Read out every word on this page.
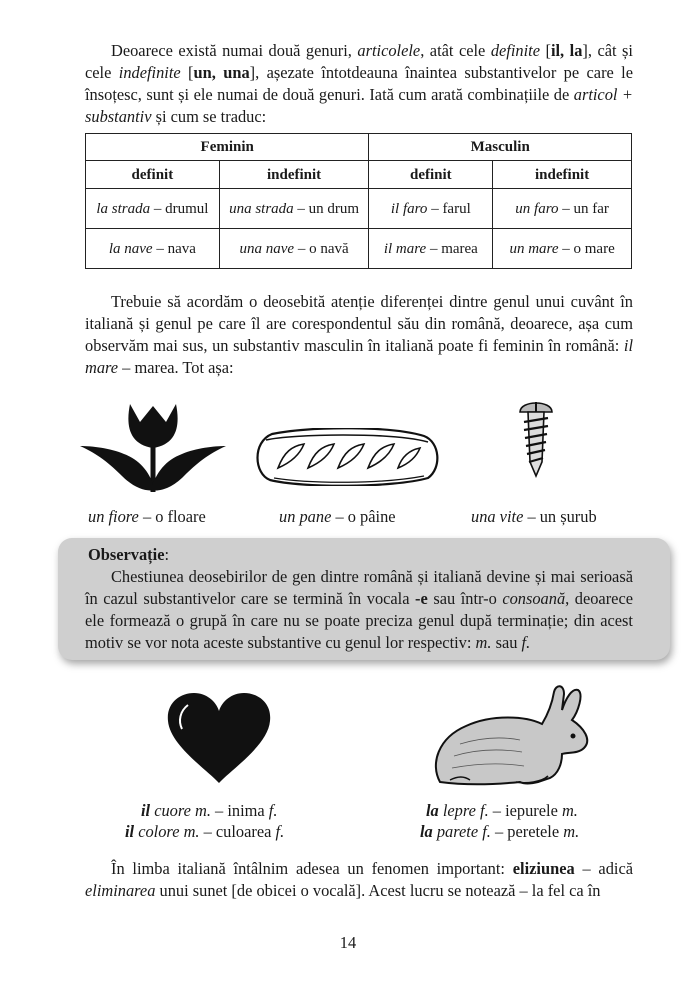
Deoarece există numai două genuri, articolele, atât cele definite [il, la], cât și cele indefinite [un, una], așezate întotdeauna înaintea substantivelor pe care le însoțesc, sunt și ele numai de două genuri. Iată cum arată combinațiile de articol + substantiv și cum se traduc:

Feminin		Masculin	
definit	indefinit	definit	indefinit
la strada – drumul	una strada – un drum	il faro – farul	un faro – un far
la nave – nava	una nave – o navă	il mare – marea	un mare – o mare

Trebuie să acordăm o deosebită atenție diferenței dintre genul unui cuvânt în italiană și genul pe care îl are corespondentul său din română, deoarece, așa cum observăm mai sus, un substantiv masculin în italiană poate fi feminin în română: il mare – marea. Tot așa:

un fiore – o floare	un pane – o pâine	una vite – un șurub

Observație:

Chestiunea deosebirilor de gen dintre română și italiană devine și mai serioasă în cazul substantivelor care se termină în vocala -e sau într-o consoană, deoarece ele formează o grupă în care nu se poate preciza genul după terminație; din acest motiv se vor nota aceste substantive cu genul lor respectiv: m. sau f.

il cuore m. – inima f.
il colore m. – culoarea f.
la lepre f. – iepurele m.
la parete f. – peretele m.

În limba italiană întâlnim adesea un fenomen important: eliziunea – adică eliminarea unui sunet [de obicei o vocală]. Acest lucru se notează – la fel ca în

14
